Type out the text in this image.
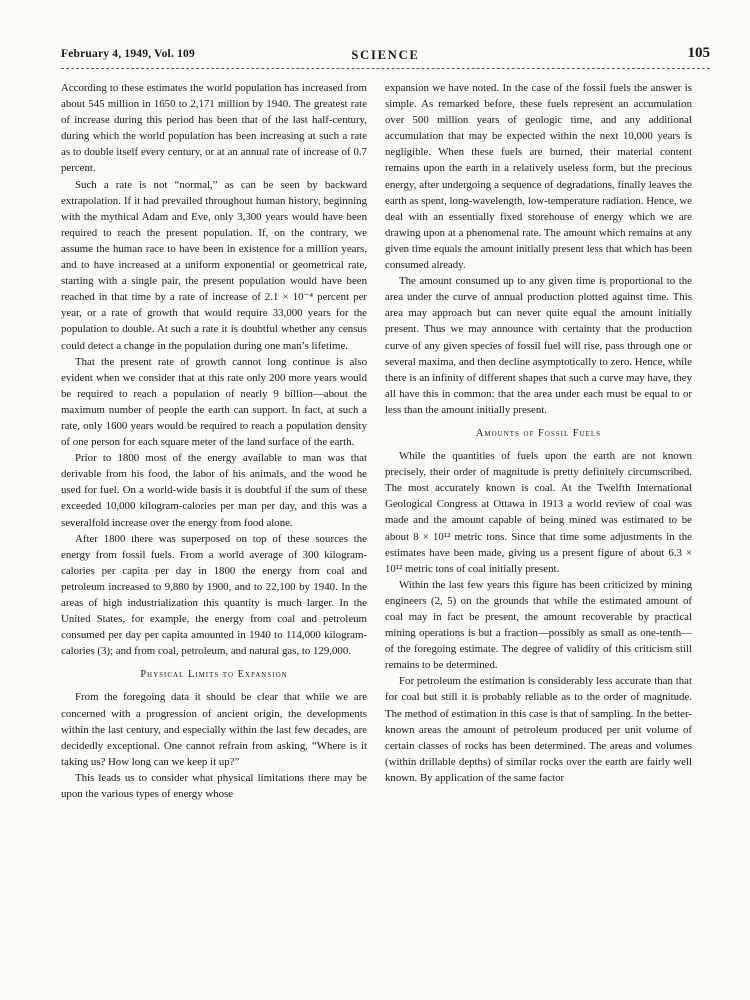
February 4, 1949, Vol. 109	SCIENCE	105

According to these estimates the world population has increased from about 545 million in 1650 to 2,171 million by 1940. The greatest rate of increase during this period has been that of the last half-century, during which the world population has been increasing at such a rate as to double itself every century, or at an annual rate of increase of 0.7 percent.

Such a rate is not “normal,” as can be seen by backward extrapolation. If it had prevailed throughout human history, beginning with the mythical Adam and Eve, only 3,300 years would have been required to reach the present population. If, on the contrary, we assume the human race to have been in existence for a million years, and to have increased at a uniform exponential or geometrical rate, starting with a single pair, the present population would have been reached in that time by a rate of increase of 2.1 × 10⁻⁴ percent per year, or a rate of growth that would require 33,000 years for the population to double. At such a rate it is doubtful whether any census could detect a change in the population during one man’s lifetime.

That the present rate of growth cannot long continue is also evident when we consider that at this rate only 200 more years would be required to reach a population of nearly 9 billion—about the maximum number of people the earth can support. In fact, at such a rate, only 1600 years would be required to reach a population density of one person for each square meter of the land surface of the earth.

Prior to 1800 most of the energy available to man was that derivable from his food, the labor of his animals, and the wood he used for fuel. On a world-wide basis it is doubtful if the sum of these exceeded 10,000 kilogram-calories per man per day, and this was a severalfold increase over the energy from food alone.

After 1800 there was superposed on top of these sources the energy from fossil fuels. From a world average of 300 kilogram-calories per capita per day in 1800 the energy from coal and petroleum increased to 9,880 by 1900, and to 22,100 by 1940. In the areas of high industrialization this quantity is much larger. In the United States, for example, the energy from coal and petroleum consumed per day per capita amounted in 1940 to 114,000 kilogram-calories (3); and from coal, petroleum, and natural gas, to 129,000.

Physical Limits to Expansion

From the foregoing data it should be clear that while we are concerned with a progression of ancient origin, the developments within the last century, and especially within the last few decades, are decidedly exceptional. One cannot refrain from asking, “Where is it taking us? How long can we keep it up?”

This leads us to consider what physical limitations there may be upon the various types of energy whose

expansion we have noted. In the case of the fossil fuels the answer is simple. As remarked before, these fuels represent an accumulation over 500 million years of geologic time, and any additional accumulation that may be expected within the next 10,000 years is negligible. When these fuels are burned, their material content remains upon the earth in a relatively useless form, but the precious energy, after undergoing a sequence of degradations, finally leaves the earth as spent, long-wavelength, low-temperature radiation. Hence, we deal with an essentially fixed storehouse of energy which we are drawing upon at a phenomenal rate. The amount which remains at any given time equals the amount initially present less that which has been consumed already.

The amount consumed up to any given time is proportional to the area under the curve of annual production plotted against time. This area may approach but can never quite equal the amount initially present. Thus we may announce with certainty that the production curve of any given species of fossil fuel will rise, pass through one or several maxima, and then decline asymptotically to zero. Hence, while there is an infinity of different shapes that such a curve may have, they all have this in common: that the area under each must be equal to or less than the amount initially present.

Amounts of Fossil Fuels

While the quantities of fuels upon the earth are not known precisely, their order of magnitude is pretty definitely circumscribed. The most accurately known is coal. At the Twelfth International Geological Congress at Ottawa in 1913 a world review of coal was made and the amount capable of being mined was estimated to be about 8 × 10¹² metric tons. Since that time some adjustments in the estimates have been made, giving us a present figure of about 6.3 × 10¹² metric tons of coal initially present.

Within the last few years this figure has been criticized by mining engineers (2, 5) on the grounds that while the estimated amount of coal may in fact be present, the amount recoverable by practical mining operations is but a fraction—possibly as small as one-tenth—of the foregoing estimate. The degree of validity of this criticism still remains to be determined.

For petroleum the estimation is considerably less accurate than that for coal but still it is probably reliable as to the order of magnitude. The method of estimation in this case is that of sampling. In the better-known areas the amount of petroleum produced per unit volume of certain classes of rocks has been determined. The areas and volumes (within drillable depths) of similar rocks over the earth are fairly well known. By application of the same factor
